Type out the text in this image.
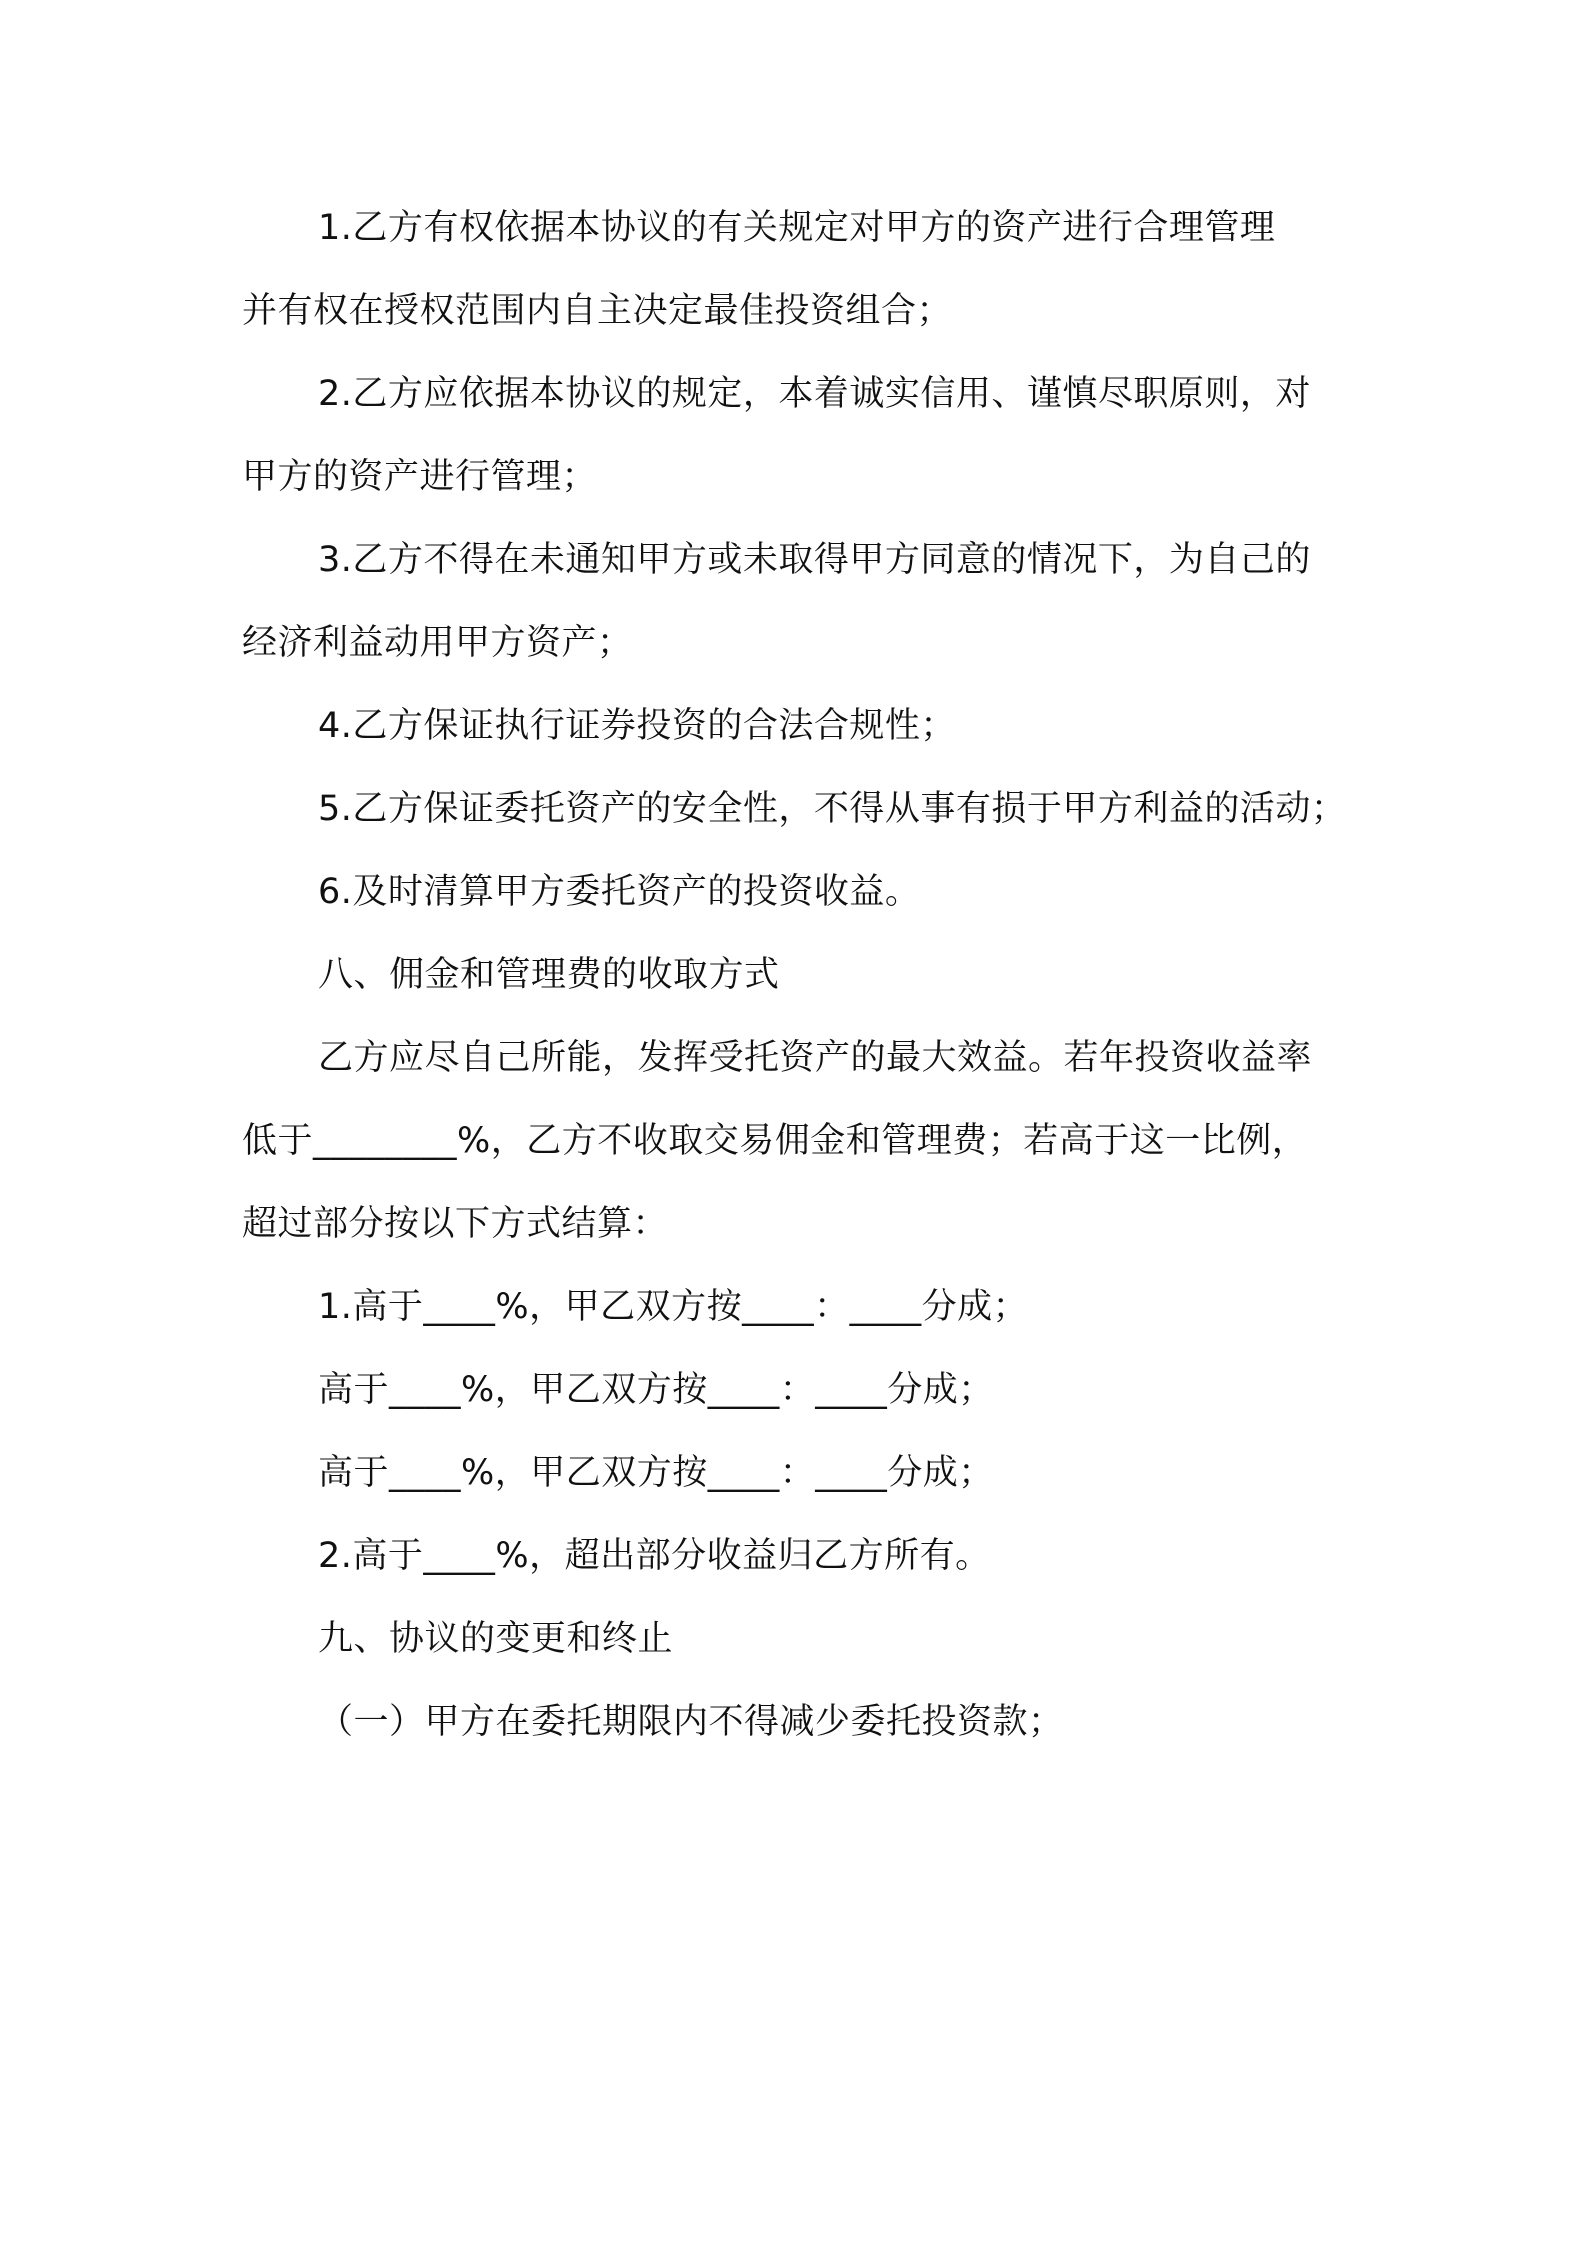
1.乙方有权依据本协议的有关规定对甲方的资产进行合理管理
并有权在授权范围内自主决定最佳投资组合；
2.乙方应依据本协议的规定，本着诚实信用、谨慎尽职原则，对
甲方的资产进行管理；
3.乙方不得在未通知甲方或未取得甲方同意的情况下，为自己的
经济利益动用甲方资产；
4.乙方保证执行证券投资的合法合规性；
5.乙方保证委托资产的安全性，不得从事有损于甲方利益的活动；
6.及时清算甲方委托资产的投资收益。
八、佣金和管理费的收取方式
乙方应尽自己所能，发挥受托资产的最大效益。若年投资收益率
低于________%，乙方不收取交易佣金和管理费；若高于这一比例，
超过部分按以下方式结算：
1.高于____%，甲乙双方按____：____分成；
高于____%，甲乙双方按____：____分成；
高于____%，甲乙双方按____：____分成；
2.高于____%，超出部分收益归乙方所有。
九、协议的变更和终止
（一）甲方在委托期限内不得减少委托投资款；
